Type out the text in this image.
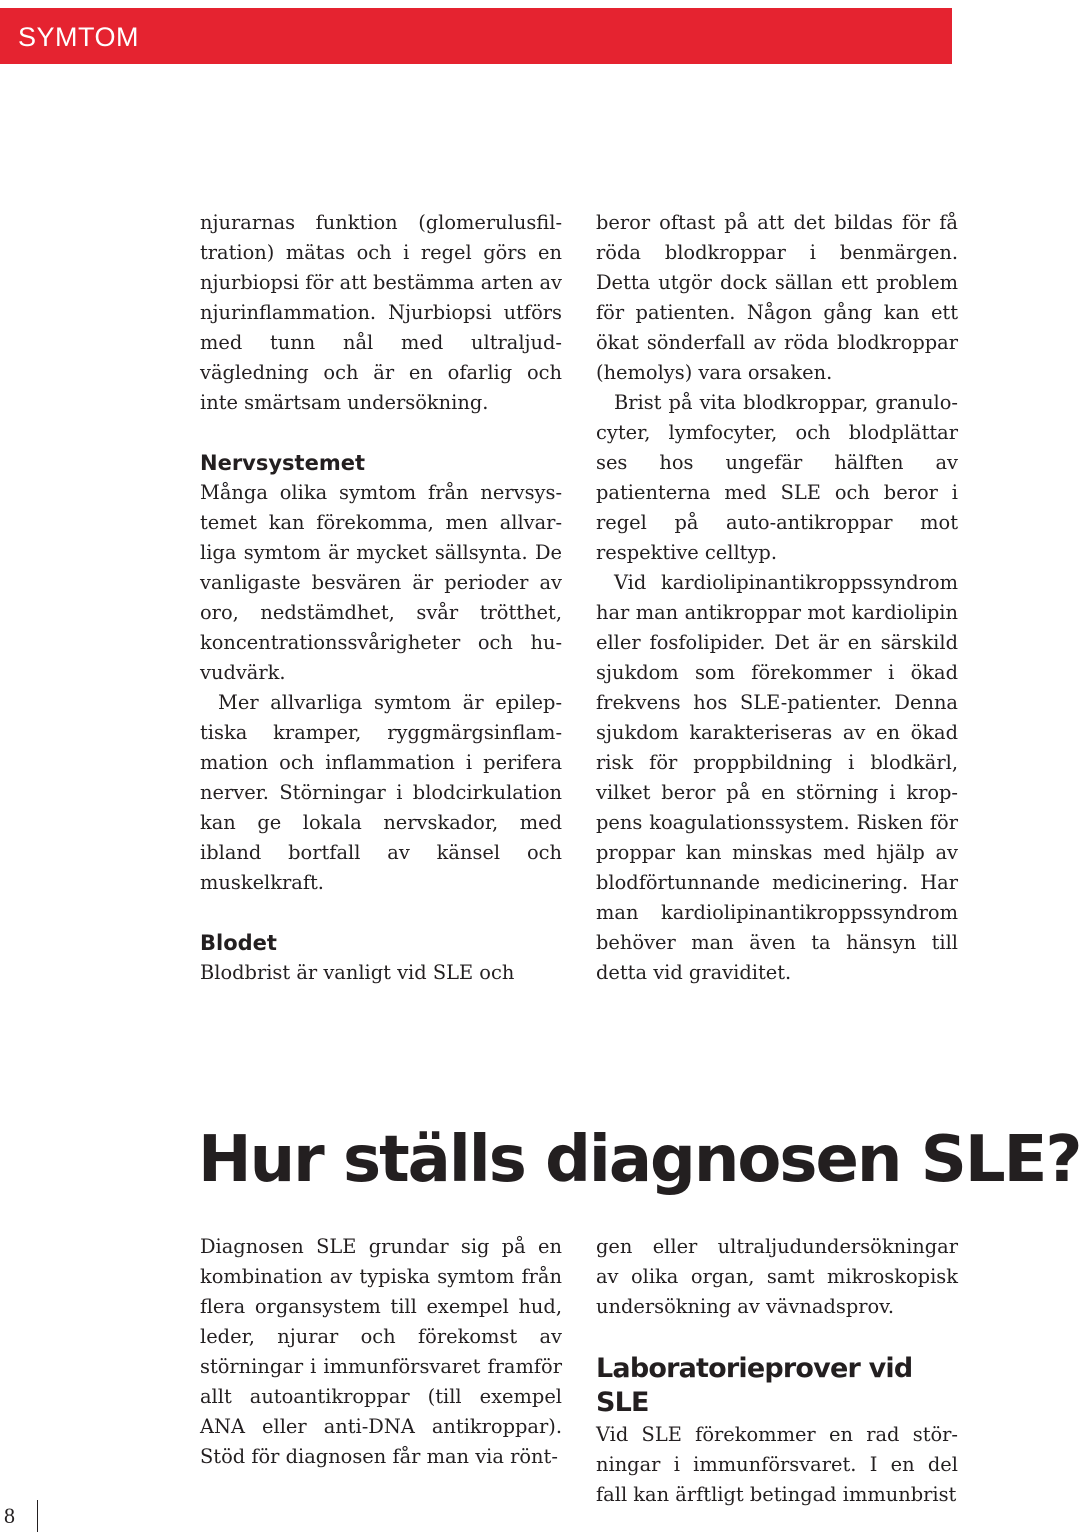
SYMTOM

njurarnas funktion (glomerulusfil-tration) mätas och i regel görs en njurbiopsi för att bestämma arten av njurinflammation. Njurbiopsi utförs med tunn nål med ultraljud-vägledning och är en ofarlig och inte smärtsam undersökning.

Nervsystemet

Många olika symtom från nervsys-temet kan förekomma, men allvar-liga symtom är mycket sällsynta. De vanligaste besvären är perioder av oro, nedstämdhet, svår trötthet, koncentrationssvårigheter och hu-vudvärk.

Mer allvarliga symtom är epilep-tiska kramper, ryggmärgsinflam-mation och inflammation i perifera nerver. Störningar i blodcirkulation kan ge lokala nervskador, med ibland bortfall av känsel och muskelkraft.

Blodet

Blodbrist är vanligt vid SLE och

beror oftast på att det bildas för få röda blodkroppar i benmärgen. Detta utgör dock sällan ett problem för patienten. Någon gång kan ett ökat sönderfall av röda blodkroppar (hemolys) vara orsaken.

Brist på vita blodkroppar, granulo-cyter, lymfocyter, och blodplättar ses hos ungefär hälften av patienterna med SLE och beror i regel på auto-antikroppar mot respektive celltyp.

Vid kardiolipinantikroppssyndrom har man antikroppar mot kardiolipin eller fosfolipider. Det är en särskild sjukdom som förekommer i ökad frekvens hos SLE-patienter. Denna sjukdom karakteriseras av en ökad risk för proppbildning i blodkärl, vilket beror på en störning i krop-pens koagulationssystem. Risken för proppar kan minskas med hjälp av blodförtunnande medicinering. Har man kardiolipinantikroppssyndrom behöver man även ta hänsyn till detta vid graviditet.

Hur ställs diagnosen SLE?

Diagnosen SLE grundar sig på en kombination av typiska symtom från flera organsystem till exempel hud, leder, njurar och förekomst av störningar i immunförsvaret framför allt autoantikroppar (till exempel ANA eller anti-DNA antikroppar). Stöd för diagnosen får man via rönt-

gen eller ultraljudundersökningar av olika organ, samt mikroskopisk undersökning av vävnadsprov.

Laboratorieprover vid SLE

Vid SLE förekommer en rad stör-ningar i immunförsvaret. I en del fall kan ärftligt betingad immunbrist

8
